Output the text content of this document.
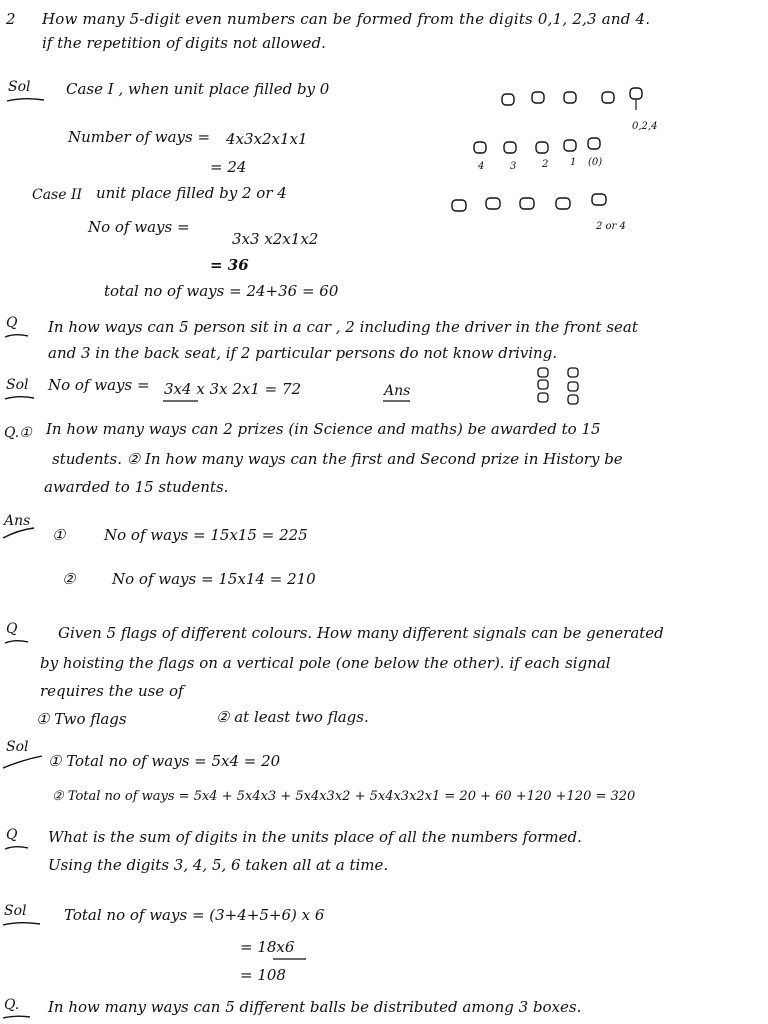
2 How many 5-digit even numbers can be formed from the digits 0,1, 2,3 and 4.
if the repetition of digits not allowed.
Sol Case I , when unit place filled by 0
Number of ways = 4x3x2x1x1
= 24
Case II unit place filled by 2 or 4
No of ways =
3x3 x2x1x2
= 36
total no of ways = 24+36 = 60
0,2,4
4	3	2 1 (0)
2 or 4
Q In how ways can 5 person sit in a car , 2 including the driver in the front seat
and 3 in the back seat, if 2 particular persons do not know driving.
Sol No of ways = 3x4 x 3x 2x1 = 72	Ans
Q.① In how many ways can 2 prizes (in Science and maths) be awarded to 15
students. ② In how many ways can the first and Second prize in History be
awarded to 15 students.
Ans
①	No of ways = 15x15 = 225
② No of ways = 15x14 = 210
Q	Given 5 flags of different colours. How many different signals can be generated
by hoisting the flags on a vertical pole (one below the other). if each signal
requires the use of
① Two flags	② at least two flags.
Sol
① Total no of ways = 5x4 = 20
② Total no of ways = 5x4 + 5x4x3 + 5x4x3x2 + 5x4x3x2x1 = 20 + 60 +120 +120 = 320
Q What is the sum of digits in the units place of all the numbers formed.
Using the digits 3, 4, 5, 6 taken all at a time.
Sol	Total no of ways = (3+4+5+6) x 6
= 18x6
= 108
Q. In how many ways can 5 different balls be distributed among 3 boxes.
